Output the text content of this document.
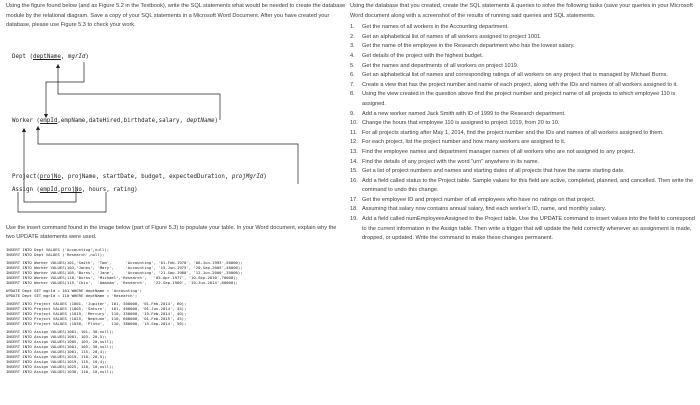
Using the figure found below (and as Figure 5.2 in the Textbook), write the SQL statements what would be needed to create the database module by the relational diagram. Save a copy of your SQL statements in a Microsoft Word Document. After you have created your database, please use Figure 5.3 to check your work.
Dept (deptName, mgrId)
Worker (empId,empName,dateHired,birthdate,salary, deptName)
Project(projNo, projName, startDate, budget, expectedDuration, projMgrId)
Assign (empId,projNo, hours, rating)
Use the insert command found in the image below (part of Figure 5.3) to populate your table. In your Word document, explain why the two UPDATE statements were used.
INSERT INTO Dept VALUES ('Accounting',null);
INSERT INTO Dept VALUES ('Research',null);
INSERT INTO Worker VALUES(101,'Smith', 'Tom',      'Accounting', '01-Feb-1970', '06-Jun-1993',50000);
INSERT INTO Worker VALUES(103,'Jones', 'Mary',     'Accounting', '15-Jun-1975', '20-Sep-2005',48000);
INSERT INTO Worker VALUES(105,'Burns', 'Jane',     'Accounting', '21-Sep-1980', '12-Jun-2000',39000);
INSERT INTO Worker VALUES(110,'Burns', 'Michael','Research',   '05-Apr-1977', '10-Sep-2010',70000);
INSERT INTO Worker VALUES(115,'Chin',  'Amanda', 'Research',   '22-Sep-1980', '19-Jun-2014',60000);
UPDATE Dept SET mgrId = 101 WHERE deptName = 'Accounting';
UPDATE Dept SET mgrId = 110 WHERE deptName = 'Research';
INSERT INTO Project VALUES (1001, 'Jupiter', 101, 300000, '01-Feb-2014', 60);
INSERT INTO Project VALUES (1005, 'Saturn',  101, 400000, '01-Jun-2014', 35);
INSERT INTO Project VALUES (1019, 'Mercury', 110, 350000, '15-Feb-2014', 40);
INSERT INTO Project VALUES (1025, 'Neptune', 110, 600000, '01-Feb-2015', 45);
INSERT INTO Project VALUES (1030, 'Pluto',   110, 380000, '15-Sep-2014', 50);
INSERT INTO Assign VALUES(1001, 101, 30,null);
INSERT INTO Assign VALUES(1001, 103, 20,5);
INSERT INTO Assign VALUES(1005, 103, 20,null);
INSERT INTO Assign VALUES(1001, 105, 30,null);
INSERT INTO Assign VALUES(1001, 115, 20,4);
INSERT INTO Assign VALUES(1019, 110, 20,5);
INSERT INTO Assign VALUES(1019, 115, 10,4);
INSERT INTO Assign VALUES(1025, 110, 10,null);
INSERT INTO Assign VALUES(1030, 110, 10,null);
Using the database that you created, create the SQL statements & queries to solve the following tasks (save your queries in your Microsoft Word document along with a screenshot of the results of running said queries and SQL statements.
1. Get the names of all workers in the Accounting department.
2. Get an alphabetical list of names of all workers assigned to project 1001.
3. Get the name of the employee in the Research department who has the lowest salary.
4. Get details of the project with the highest budget.
5. Get the names and departments of all workers on project 1019.
6. Get an alphabetical list of names and corresponding ratings of all workers on any project that is managed by Michael Burns.
7. Create a view that has the project number and name of each project, along with the IDs and names of all workers assigned to it.
8. Using the view created in the question above find the project number and project name of all projects to which employee 110 is assigned.
9. Add a new worker named Jack Smith with ID of 1999 to the Research department.
10. Change the hours that employee 110 is assigned to project 1019, from 20 to 10.
11. For all projects starting after May 1, 2014, find the project number and the IDs and names of all workers assigned to them.
12. For each project, list the project number and how many workers are assigned to it.
13. Find the employee names and department manager names of all workers who are not assigned to any project.
14. Find the details of any project with the word "urn" anywhere in its name.
15. Get a list of project numbers and names and starting dates of all projects that have the same starting date.
16. Add a field called status to the Project table. Sample values for this field are active, completed, planned, and cancelled. Then write the command to undo this change.
17. Get the employee ID and project number of all employees who have no ratings on that project.
18. Assuming that salary now contains annual salary, find each worker's ID, name, and monthly salary.
19. Add a field called numEmployeesAssigned to the Project table. Use the UPDATE command to insert values into the field to correspond to the current information in the Assign table. Then write a trigger that will update the field correctly whenever an assignment is made, dropped, or updated. Write the command to make these changes permanent.
